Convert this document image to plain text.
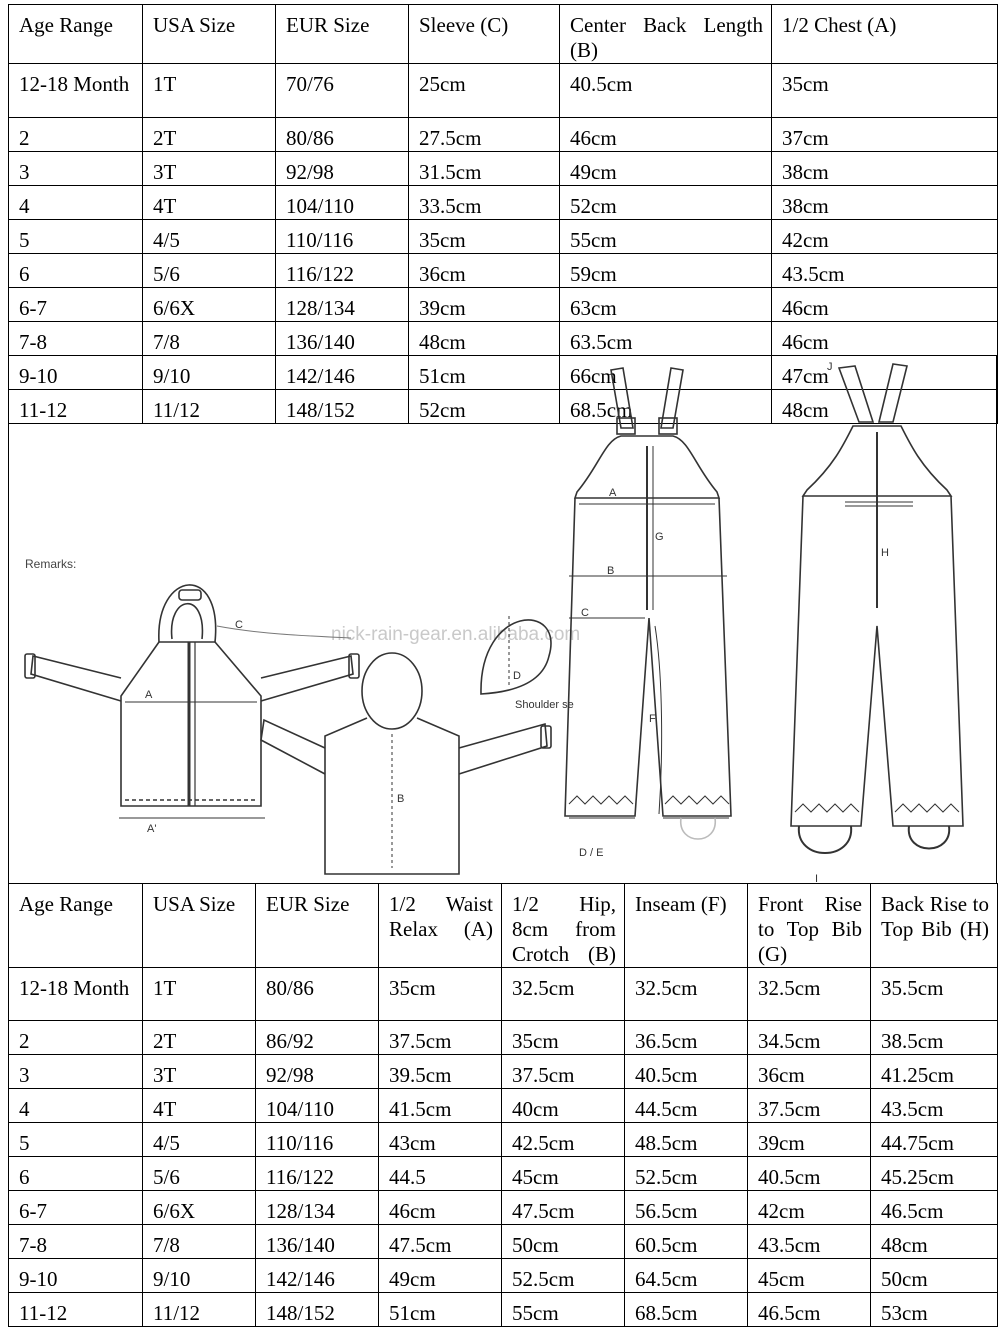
Age Range	USA Size	EUR Size	Sleeve (C)	Center Back Length (B)	1/2 Chest (A)
12-18 Month	1T	70/76	25cm	40.5cm	35cm
2	2T	80/86	27.5cm	46cm	37cm
3	3T	92/98	31.5cm	49cm	38cm
4	4T	104/110	33.5cm	52cm	38cm
5	4/5	110/116	35cm	55cm	42cm
6	5/6	116/122	36cm	59cm	43.5cm
6-7	6/6X	128/134	39cm	63cm	46cm
7-8	7/8	136/140	48cm	63.5cm	46cm
9-10	9/10	142/146	51cm	66cm	47cm
11-12	11/12	148/152	52cm	68.5cm	48cm
Remarks:
nick-rain-gear.en.alibaba.com
A
A'
C
B
D
Shoulder se
A
B
C
G
F
D / E
J
H
I
Age Range	USA Size	EUR Size	1/2 Waist Relax (A)	1/2 Hip, 8cm from Crotch (B)	Inseam (F)	Front Rise to Top Bib (G)	Back Rise to Top Bib (H)
12-18 Month	1T	80/86	35cm	32.5cm	32.5cm	32.5cm	35.5cm
2	2T	86/92	37.5cm	35cm	36.5cm	34.5cm	38.5cm
3	3T	92/98	39.5cm	37.5cm	40.5cm	36cm	41.25cm
4	4T	104/110	41.5cm	40cm	44.5cm	37.5cm	43.5cm
5	4/5	110/116	43cm	42.5cm	48.5cm	39cm	44.75cm
6	5/6	116/122	44.5	45cm	52.5cm	40.5cm	45.25cm
6-7	6/6X	128/134	46cm	47.5cm	56.5cm	42cm	46.5cm
7-8	7/8	136/140	47.5cm	50cm	60.5cm	43.5cm	48cm
9-10	9/10	142/146	49cm	52.5cm	64.5cm	45cm	50cm
11-12	11/12	148/152	51cm	55cm	68.5cm	46.5cm	53cm
